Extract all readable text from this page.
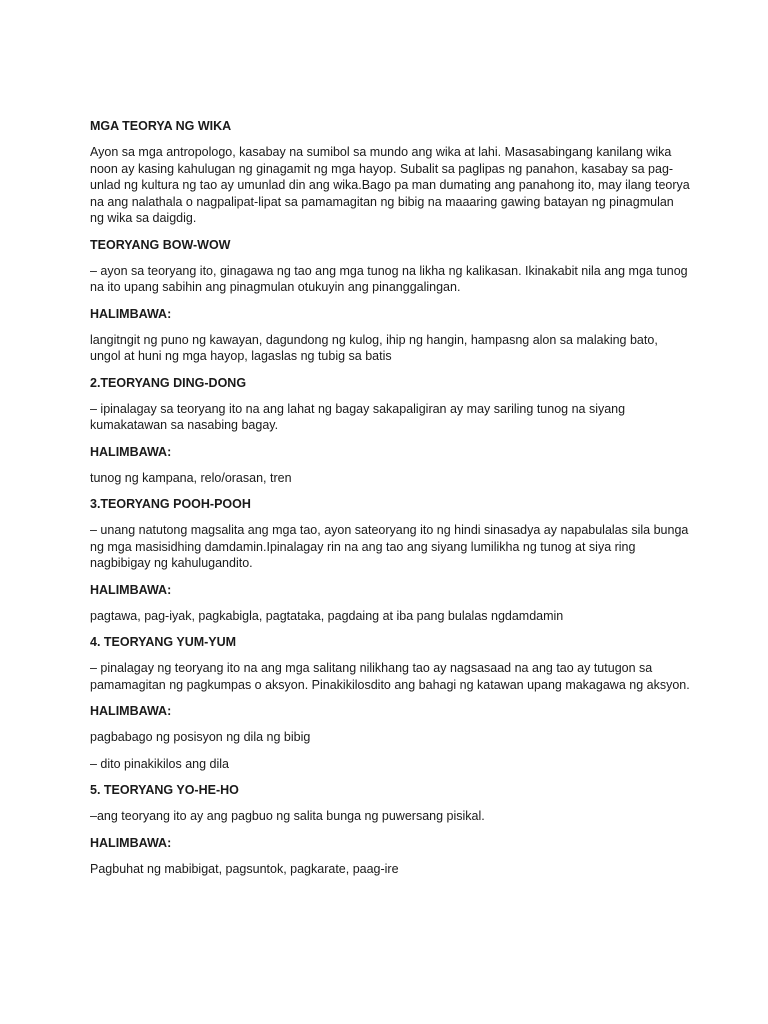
MGA TEORYA NG WIKA
Ayon sa mga antropologo, kasabay na sumibol sa mundo ang wika at lahi. Masasabingang kanilang wika noon ay kasing kahulugan ng ginagamit ng mga hayop. Subalit sa paglipas ng panahon, kasabay sa pag-unlad ng kultura ng tao ay umunlad din ang wika.Bago pa man dumating ang panahong ito, may ilang teorya na ang nalathala o nagpalipat-lipat sa pamamagitan ng bibig na maaaring gawing batayan ng pinagmulan ng wika sa daigdig.
TEORYANG BOW-WOW
– ayon sa teoryang ito, ginagawa ng tao ang mga tunog na likha ng kalikasan. Ikinakabit nila ang mga tunog na ito upang sabihin ang pinagmulan otukuyin ang pinanggalingan.
HALIMBAWA:
langitngit ng puno ng kawayan, dagundong ng kulog, ihip ng hangin, hampasng alon sa malaking bato, ungol at huni ng mga hayop, lagaslas ng tubig sa batis
2.TEORYANG DING-DONG
– ipinalagay sa teoryang ito na ang lahat ng bagay sakapaligiran ay may sariling tunog na siyang kumakatawan sa nasabing bagay.
HALIMBAWA:
tunog ng kampana, relo/orasan, tren
3.TEORYANG POOH-POOH
– unang natutong magsalita ang mga tao, ayon sateoryang ito ng hindi sinasadya ay napabulalas sila bunga ng mga masisidhing damdamin.Ipinalagay rin na ang tao ang siyang lumilikha ng tunog at siya ring nagbibigay ng kahulugandito.
HALIMBAWA:
pagtawa, pag-iyak, pagkabigla, pagtataka, pagdaing at iba pang bulalas ngdamdamin
4. TEORYANG YUM-YUM
– pinalagay ng teoryang ito na ang mga salitang nilikhang tao ay nagsasaad na ang tao ay tutugon sa pamamagitan ng pagkumpas o aksyon. Pinakikilosdito ang bahagi ng katawan upang makagawa ng aksyon.
HALIMBAWA:
pagbabago ng posisyon ng dila ng bibig
– dito pinakikilos ang dila
5. TEORYANG YO-HE-HO
–ang teoryang ito ay ang pagbuo ng salita bunga ng puwersang pisikal.
HALIMBAWA:
Pagbuhat ng mabibigat, pagsuntok, pagkarate, paag-ire
